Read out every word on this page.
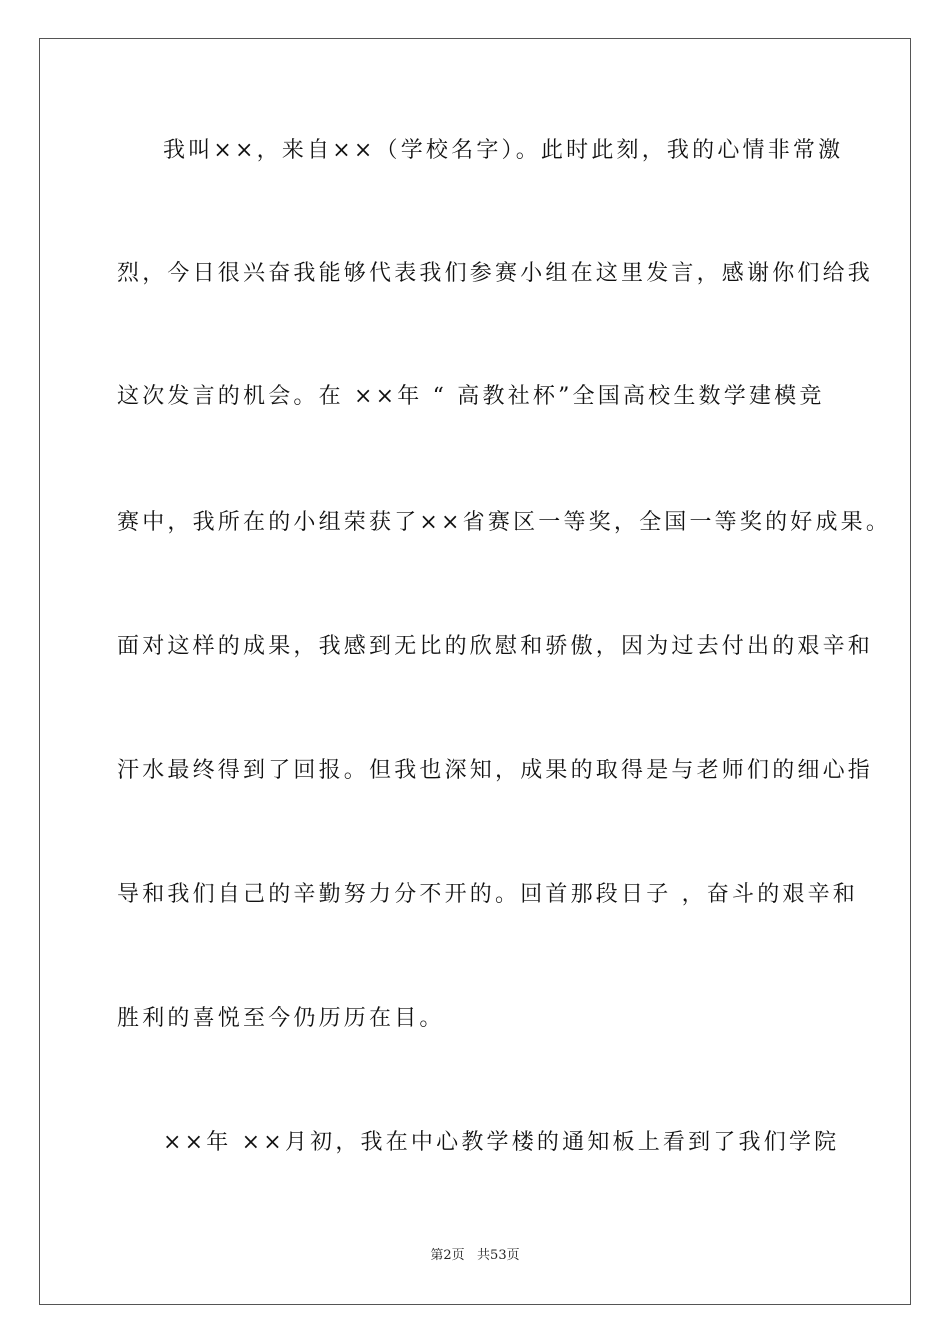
我叫××，来自××（学校名字）。此时此刻，我的心情非常激
烈，今日很兴奋我能够代表我们参赛小组在这里发言，感谢你们给我
这次发言的机会。在 ××年 “ 高教社杯”全国高校生数学建模竞
赛中，我所在的小组荣获了××省赛区一等奖，全国一等奖的好成果。
面对这样的成果，我感到无比的欣慰和骄傲，因为过去付出的艰辛和
汗水最终得到了回报。但我也深知，成果的取得是与老师们的细心指
导和我们自己的辛勤努力分不开的。回首那段日子 ，奋斗的艰辛和
胜利的喜悦至今仍历历在目。
××年 ××月初，我在中心教学楼的通知板上看到了我们学院
第2页   共53页
